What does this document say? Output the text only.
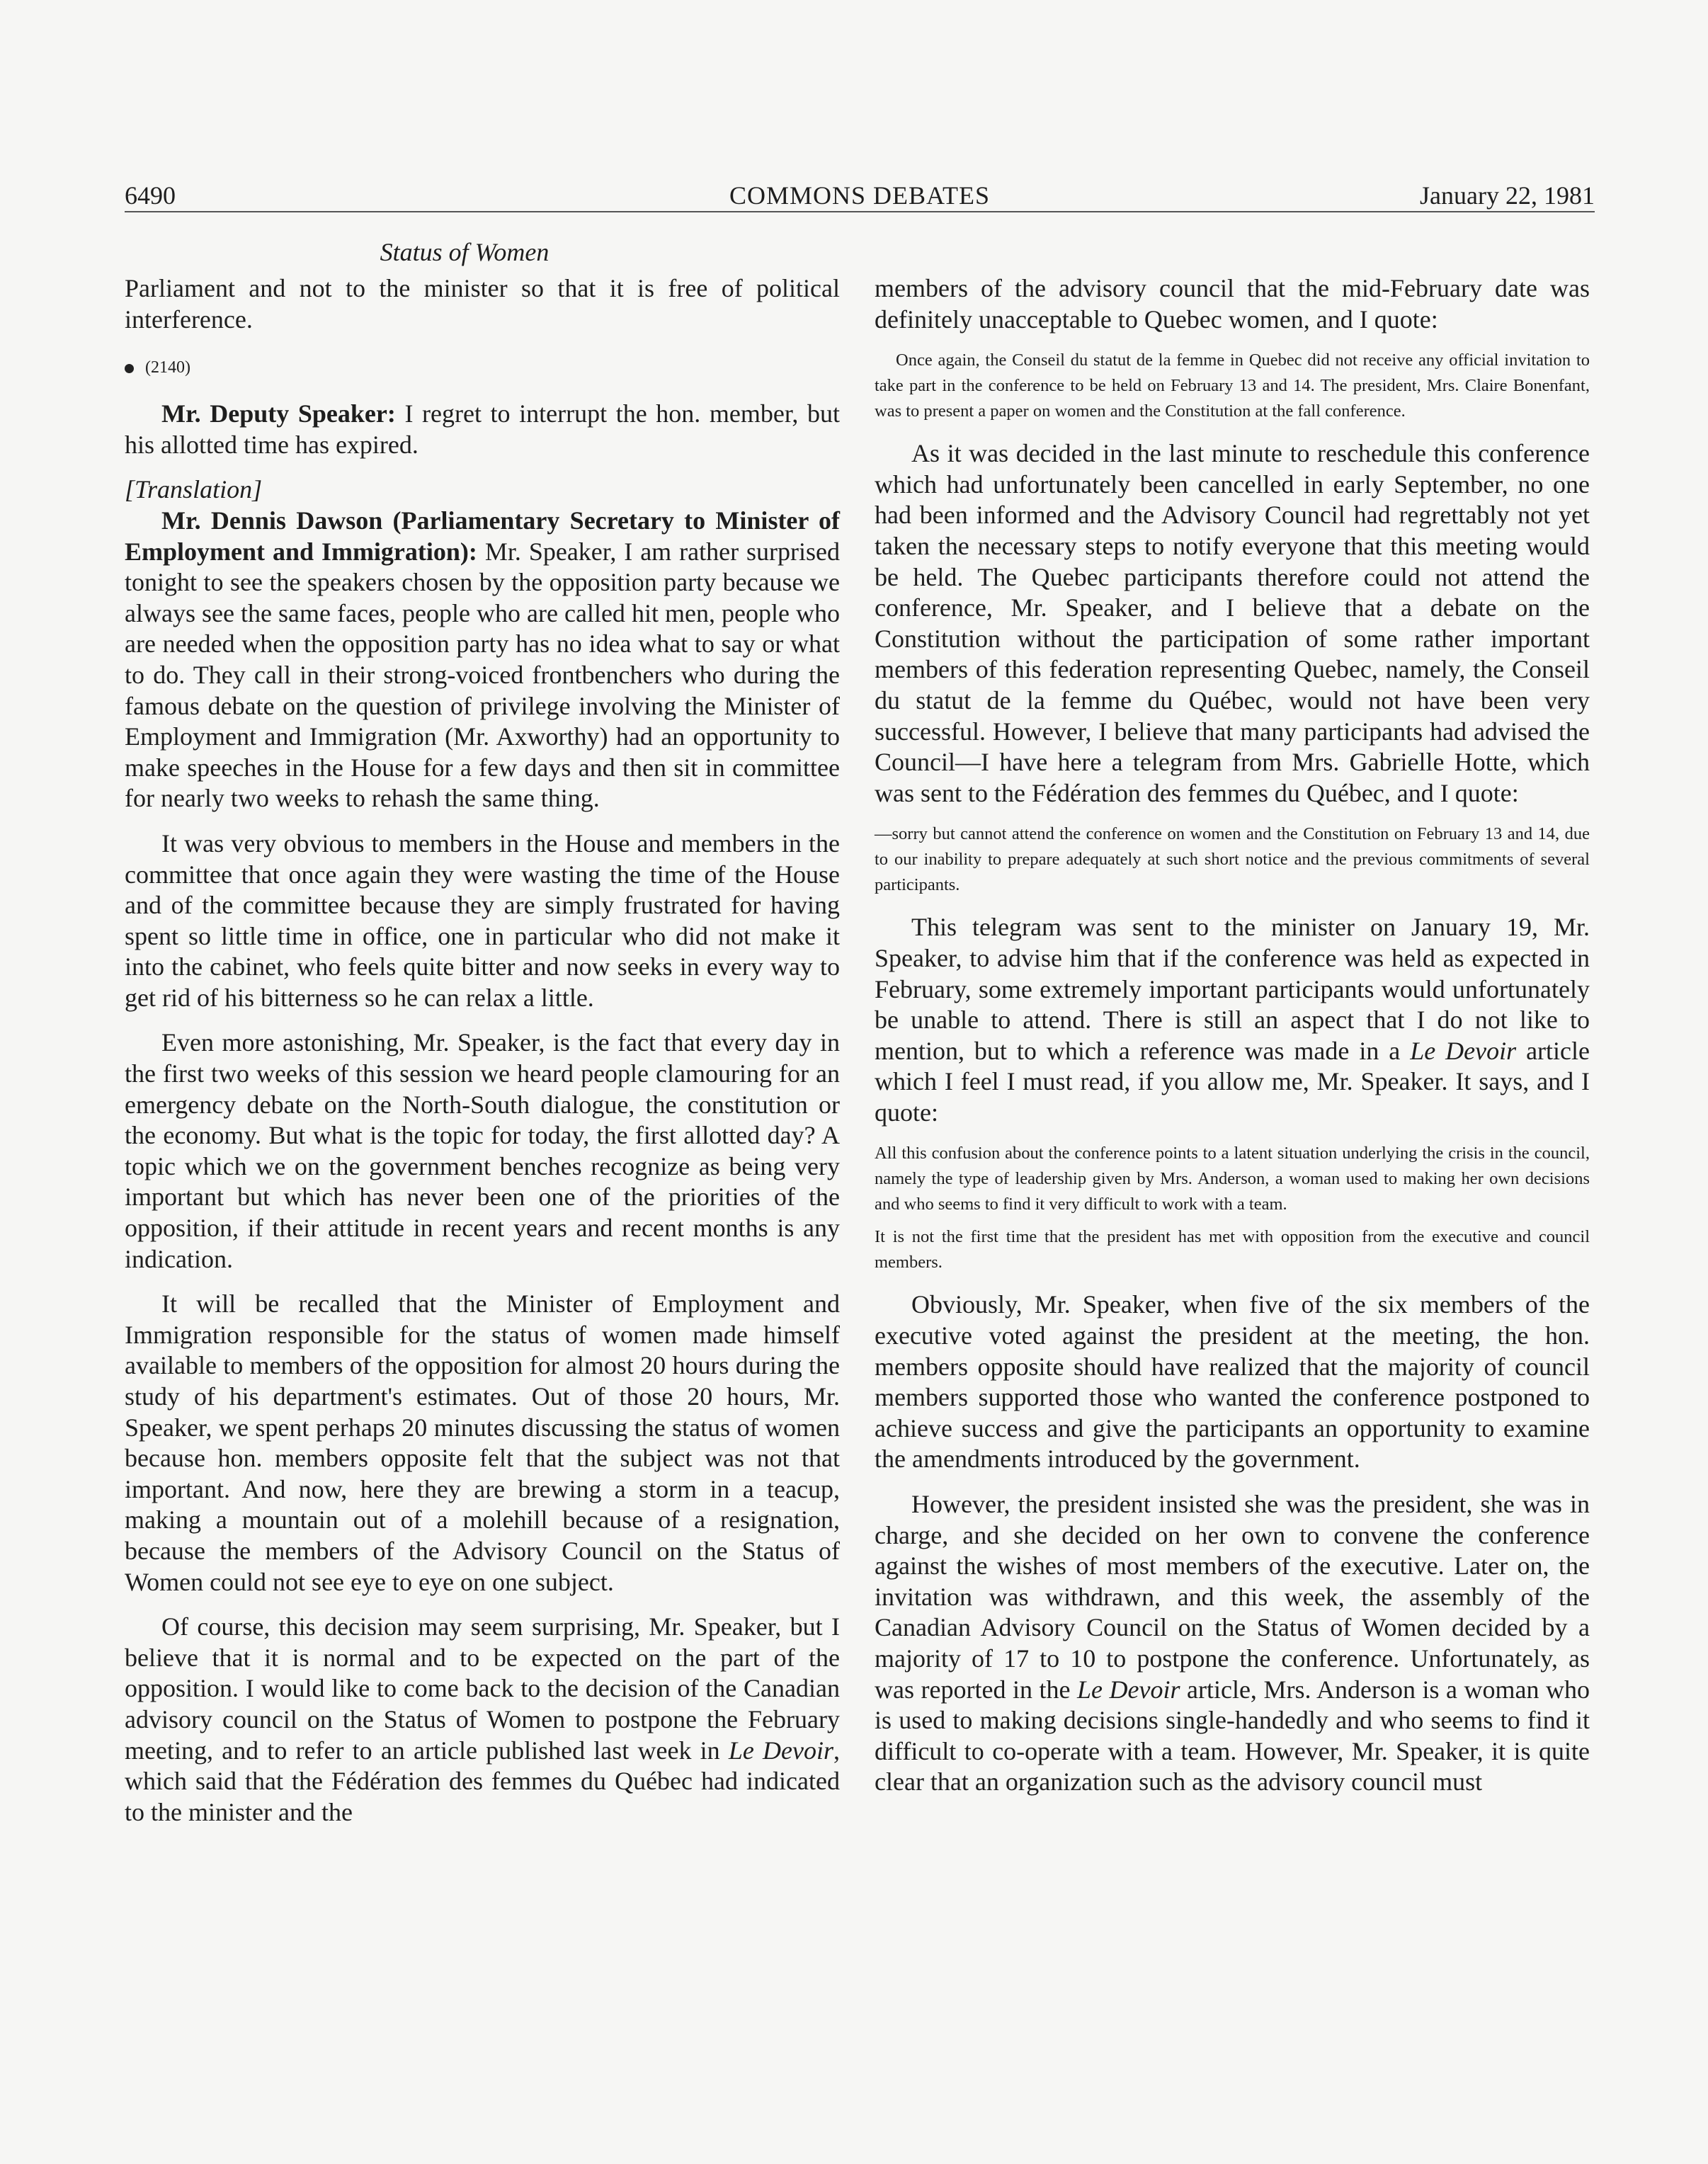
6490	COMMONS DEBATES	January 22, 1981
Status of Women

Parliament and not to the minister so that it is free of political interference.

(2140)

Mr. Deputy Speaker: I regret to interrupt the hon. member, but his allotted time has expired.

[Translation]

Mr. Dennis Dawson (Parliamentary Secretary to Minister of Employment and Immigration): Mr. Speaker, I am rather surprised tonight to see the speakers chosen by the opposition party because we always see the same faces, people who are called hit men, people who are needed when the opposition party has no idea what to say or what to do. They call in their strong-voiced frontbenchers who during the famous debate on the question of privilege involving the Minister of Employment and Immigration (Mr. Axworthy) had an opportunity to make speeches in the House for a few days and then sit in committee for nearly two weeks to rehash the same thing.

It was very obvious to members in the House and members in the committee that once again they were wasting the time of the House and of the committee because they are simply frustrated for having spent so little time in office, one in particular who did not make it into the cabinet, who feels quite bitter and now seeks in every way to get rid of his bitterness so he can relax a little.

Even more astonishing, Mr. Speaker, is the fact that every day in the first two weeks of this session we heard people clamouring for an emergency debate on the North-South dialogue, the constitution or the economy. But what is the topic for today, the first allotted day? A topic which we on the government benches recognize as being very important but which has never been one of the priorities of the opposition, if their attitude in recent years and recent months is any indication.

It will be recalled that the Minister of Employment and Immigration responsible for the status of women made himself available to members of the opposition for almost 20 hours during the study of his department's estimates. Out of those 20 hours, Mr. Speaker, we spent perhaps 20 minutes discussing the status of women because hon. members opposite felt that the subject was not that important. And now, here they are brewing a storm in a teacup, making a mountain out of a molehill because of a resignation, because the members of the Advisory Council on the Status of Women could not see eye to eye on one subject.

Of course, this decision may seem surprising, Mr. Speaker, but I believe that it is normal and to be expected on the part of the opposition. I would like to come back to the decision of the Canadian advisory council on the Status of Women to postpone the February meeting, and to refer to an article published last week in Le Devoir, which said that the Fédération des femmes du Québec had indicated to the minister and the

members of the advisory council that the mid-February date was definitely unacceptable to Quebec women, and I quote:

Once again, the Conseil du statut de la femme in Quebec did not receive any official invitation to take part in the conference to be held on February 13 and 14. The president, Mrs. Claire Bonenfant, was to present a paper on women and the Constitution at the fall conference.

As it was decided in the last minute to reschedule this conference which had unfortunately been cancelled in early September, no one had been informed and the Advisory Council had regrettably not yet taken the necessary steps to notify everyone that this meeting would be held. The Quebec participants therefore could not attend the conference, Mr. Speaker, and I believe that a debate on the Constitution without the participation of some rather important members of this federation representing Quebec, namely, the Conseil du statut de la femme du Québec, would not have been very successful. However, I believe that many participants had advised the Council—I have here a telegram from Mrs. Gabrielle Hotte, which was sent to the Fédération des femmes du Québec, and I quote:

—sorry but cannot attend the conference on women and the Constitution on February 13 and 14, due to our inability to prepare adequately at such short notice and the previous commitments of several participants.

This telegram was sent to the minister on January 19, Mr. Speaker, to advise him that if the conference was held as expected in February, some extremely important participants would unfortunately be unable to attend. There is still an aspect that I do not like to mention, but to which a reference was made in a Le Devoir article which I feel I must read, if you allow me, Mr. Speaker. It says, and I quote:

All this confusion about the conference points to a latent situation underlying the crisis in the council, namely the type of leadership given by Mrs. Anderson, a woman used to making her own decisions and who seems to find it very difficult to work with a team.

It is not the first time that the president has met with opposition from the executive and council members.

Obviously, Mr. Speaker, when five of the six members of the executive voted against the president at the meeting, the hon. members opposite should have realized that the majority of council members supported those who wanted the conference postponed to achieve success and give the participants an opportunity to examine the amendments introduced by the government.

However, the president insisted she was the president, she was in charge, and she decided on her own to convene the conference against the wishes of most members of the executive. Later on, the invitation was withdrawn, and this week, the assembly of the Canadian Advisory Council on the Status of Women decided by a majority of 17 to 10 to postpone the conference. Unfortunately, as was reported in the Le Devoir article, Mrs. Anderson is a woman who is used to making decisions single-handedly and who seems to find it difficult to co-operate with a team. However, Mr. Speaker, it is quite clear that an organization such as the advisory council must
